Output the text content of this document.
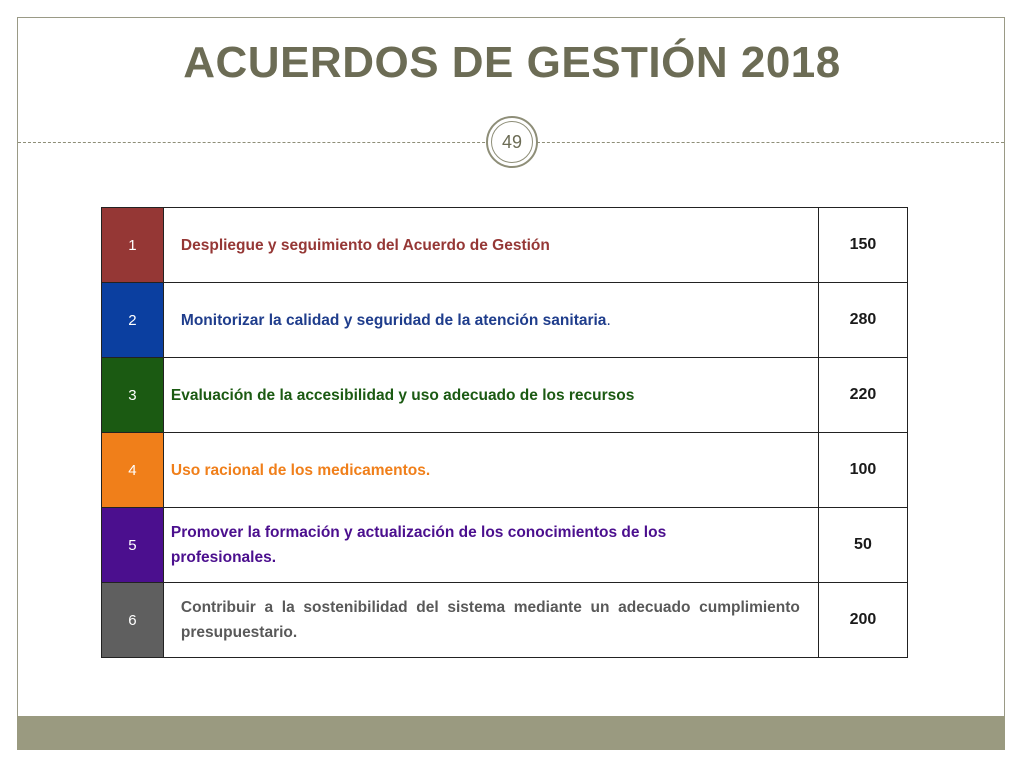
ACUERDOS DE GESTIÓN 2018
49
1	Despliegue y seguimiento del Acuerdo de Gestión	150
2	Monitorizar la calidad y seguridad de la atención sanitaria.	280
3	Evaluación de la accesibilidad y uso adecuado de los recursos	220
4	Uso racional de los medicamentos.	100
5	Promover la formación y actualización de los conocimientos de los profesionales.	50
6	Contribuir a la sostenibilidad del sistema mediante un adecuado cumplimiento presupuestario.	200
